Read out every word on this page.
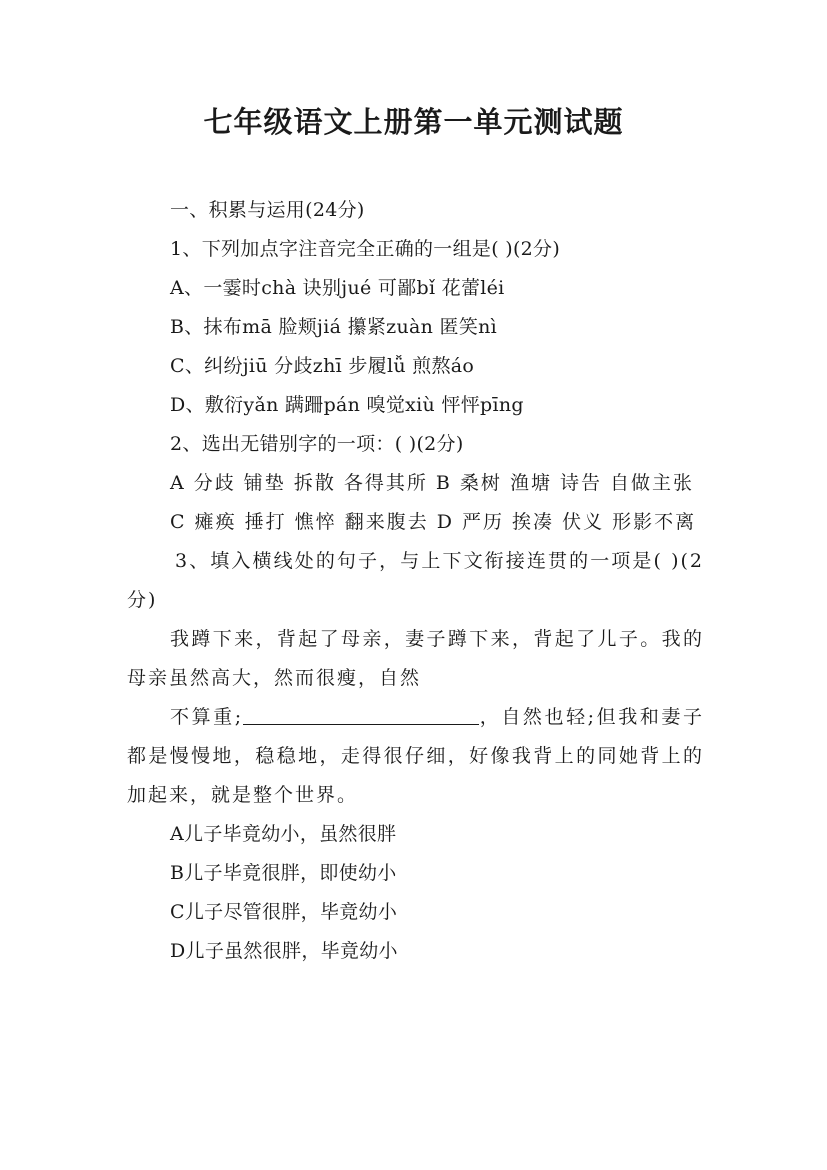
七年级语文上册第一单元测试题

一、积累与运用(24分)

1、下列加点字注音完全正确的一组是( )(2分)

A、一霎时chà 诀别jué 可鄙bǐ 花蕾léi

B、抹布mā 脸颊jiá 攥紧zuàn 匿笑nì

C、纠纷jiū 分歧zhī 步履lǚ 煎熬áo

D、敷衍yǎn 蹒跚pán 嗅觉xiù 怦怦pīng

2、选出无错别字的一项：( )(2分)

A 分歧 铺垫 拆散 各得其所 B 桑树 渔塘 诗告 自做主张

C 瘫痪 捶打 憔悴 翻来腹去 D 严历 挨凑 伏义 形影不离

3、填入横线处的句子，与上下文衔接连贯的一项是( )(2分)

我蹲下来，背起了母亲，妻子蹲下来，背起了儿子。我的母亲虽然高大，然而很瘦，自然

不算重;	，自然也轻;但我和妻子都是慢慢地，稳稳地，走得很仔细，好像我背上的同她背上的加起来，就是整个世界。

A儿子毕竟幼小，虽然很胖

B儿子毕竟很胖，即使幼小

C儿子尽管很胖，毕竟幼小

D儿子虽然很胖，毕竟幼小
